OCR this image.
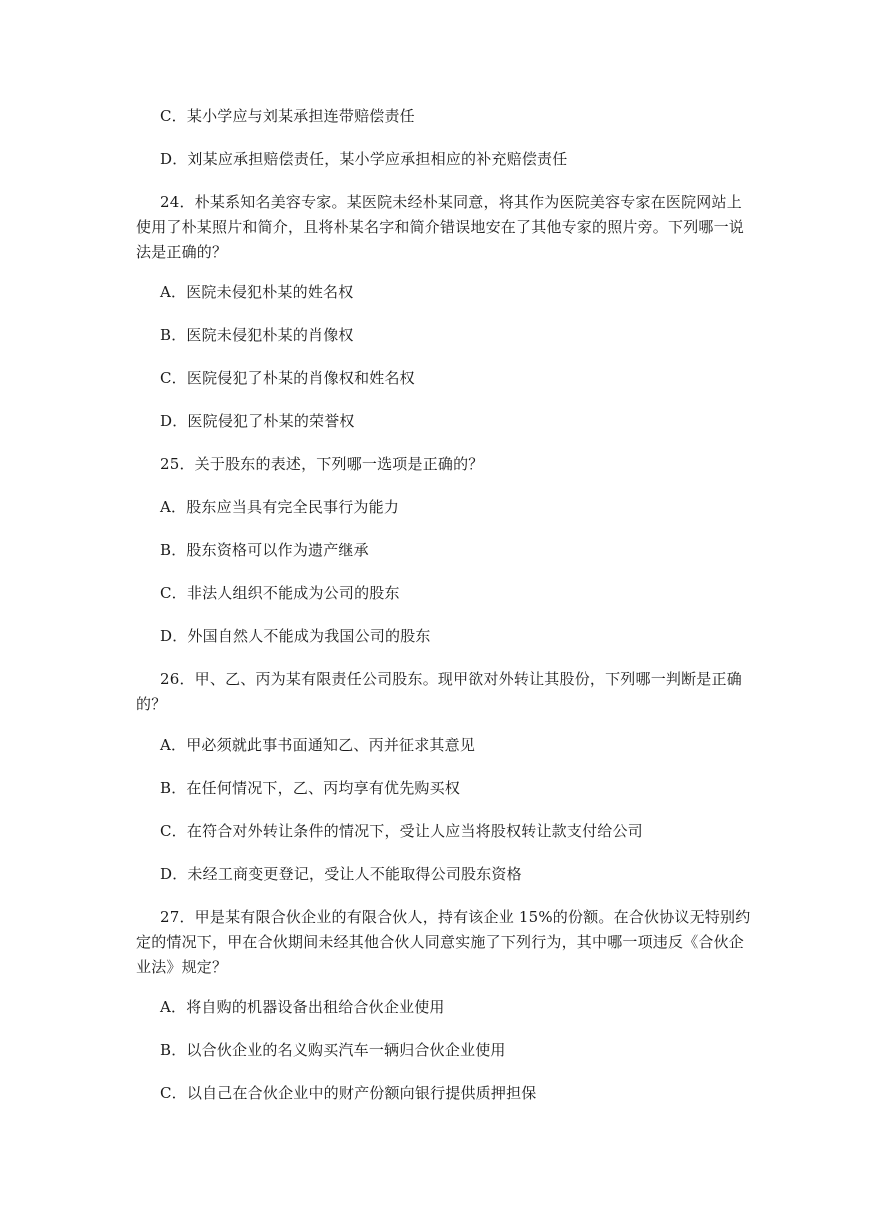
C．某小学应与刘某承担连带赔偿责任
D．刘某应承担赔偿责任，某小学应承担相应的补充赔偿责任
24．朴某系知名美容专家。某医院未经朴某同意，将其作为医院美容专家在医院网站上
使用了朴某照片和简介，且将朴某名字和简介错误地安在了其他专家的照片旁。下列哪一说
法是正确的？
A．医院未侵犯朴某的姓名权
B．医院未侵犯朴某的肖像权
C．医院侵犯了朴某的肖像权和姓名权
D．医院侵犯了朴某的荣誉权
25．关于股东的表述，下列哪一选项是正确的？
A．股东应当具有完全民事行为能力
B．股东资格可以作为遗产继承
C．非法人组织不能成为公司的股东
D．外国自然人不能成为我国公司的股东
26．甲、乙、丙为某有限责任公司股东。现甲欲对外转让其股份，下列哪一判断是正确
的？
A．甲必须就此事书面通知乙、丙并征求其意见
B．在任何情况下，乙、丙均享有优先购买权
C．在符合对外转让条件的情况下，受让人应当将股权转让款支付给公司
D．未经工商变更登记，受让人不能取得公司股东资格
27．甲是某有限合伙企业的有限合伙人，持有该企业 15%的份额。在合伙协议无特别约
定的情况下，甲在合伙期间未经其他合伙人同意实施了下列行为，其中哪一项违反《合伙企
业法》规定？
A．将自购的机器设备出租给合伙企业使用
B．以合伙企业的名义购买汽车一辆归合伙企业使用
C．以自己在合伙企业中的财产份额向银行提供质押担保
